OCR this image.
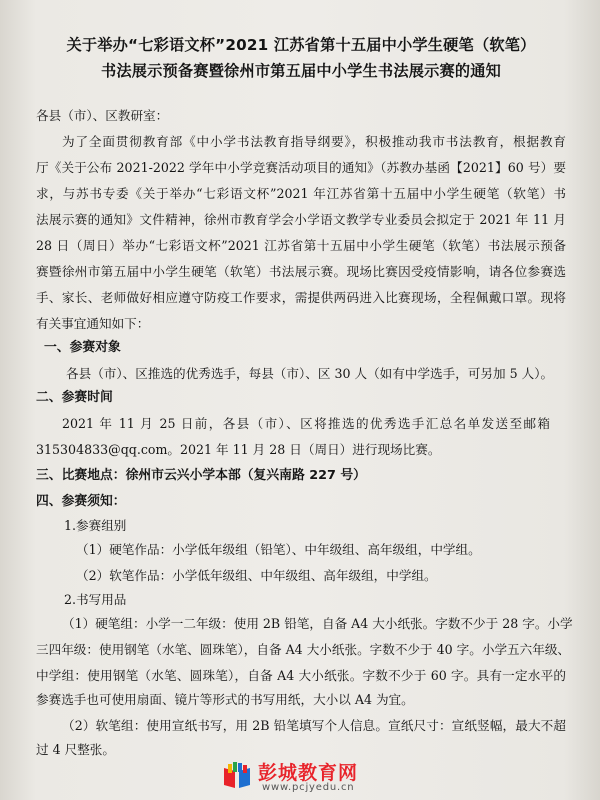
关于举办“七彩语文杯”2021 江苏省第十五届中小学生硬笔（软笔）
书法展示预备赛暨徐州市第五届中小学生书法展示赛的通知
各县（市）、区教研室：
为了全面贯彻教育部《中小学书法教育指导纲要》，积极推动我市书法教育，根据教育
厅《关于公布 2021-2022 学年中小学竞赛活动项目的通知》（苏教办基函【2021】60 号）要
求，与苏书专委《关于举办“七彩语文杯”2021 年江苏省第十五届中小学生硬笔（软笔）书
法展示赛的通知》文件精神，徐州市教育学会小学语文教学专业委员会拟定于 2021 年 11 月
28 日（周日）举办“七彩语文杯”2021 江苏省第十五届中小学生硬笔（软笔）书法展示预备
赛暨徐州市第五届中小学生硬笔（软笔）书法展示赛。现场比赛因受疫情影响，请各位参赛选
手、家长、老师做好相应遵守防疫工作要求，需提供两码进入比赛现场，全程佩戴口罩。现将
有关事宜通知如下：
一、参赛对象
各县（市）、区推选的优秀选手，每县（市）、区 30 人（如有中学选手，可另加 5 人）。
二、参赛时间
2021 年 11 月 25 日前，各县（市）、区将推选的优秀选手汇总名单发送至邮箱
315304833@qq.com。2021 年 11 月 28 日（周日）进行现场比赛。
三、比赛地点：徐州市云兴小学本部（复兴南路 227 号）
四、参赛须知：
1.参赛组别
（1）硬笔作品：小学低年级组（铅笔）、中年级组、高年级组，中学组。
（2）软笔作品：小学低年级组、中年级组、高年级组，中学组。
2.书写用品
（1）硬笔组：小学一二年级：使用 2B 铅笔，自备 A4 大小纸张。字数不少于 28 字。小学
三四年级：使用钢笔（水笔、圆珠笔），自备 A4 大小纸张。字数不少于 40 字。小学五六年级、
中学组：使用钢笔（水笔、圆珠笔），自备 A4 大小纸张。字数不少于 60 字。具有一定水平的
参赛选手也可使用扇面、镜片等形式的书写用纸，大小以 A4 为宜。
（2）软笔组：使用宣纸书写，用 2B 铅笔填写个人信息。宣纸尺寸：宣纸竖幅，最大不超
过 4 尺整张。
彭城教育网
www.pcjyedu.cn
